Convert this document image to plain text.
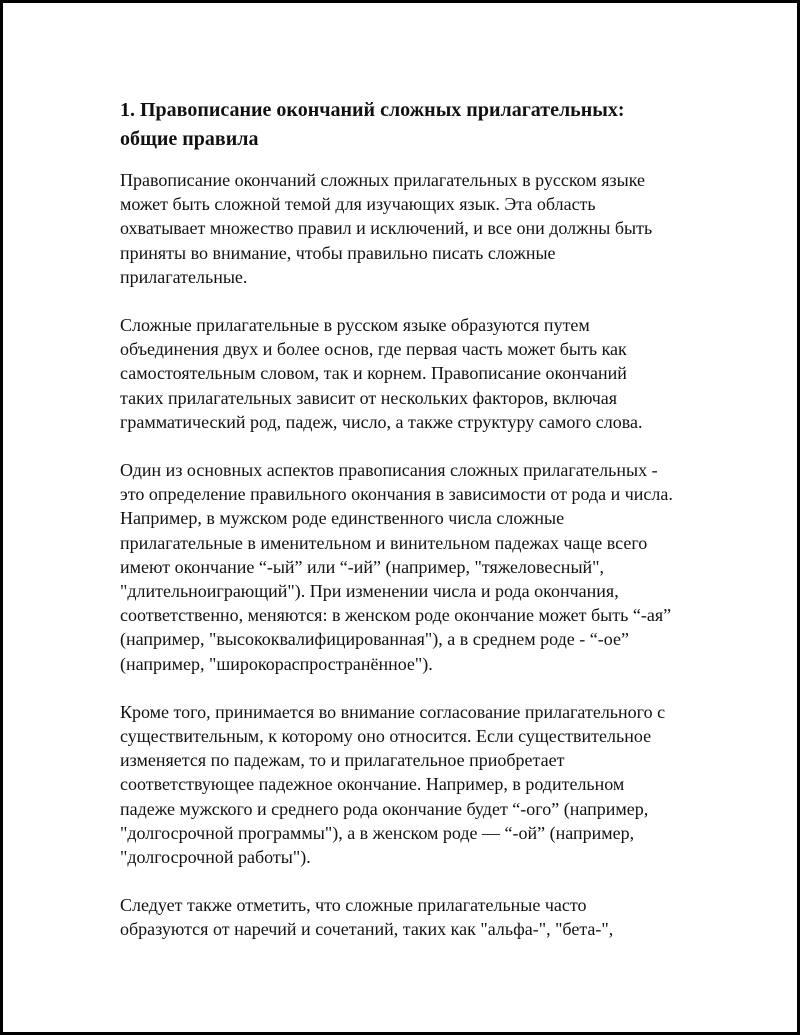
1. Правописание окончаний сложных прилагательных:
общие правила

Правописание окончаний сложных прилагательных в русском языке
может быть сложной темой для изучающих язык. Эта область
охватывает множество правил и исключений, и все они должны быть
приняты во внимание, чтобы правильно писать сложные
прилагательные.

Сложные прилагательные в русском языке образуются путем
объединения двух и более основ, где первая часть может быть как
самостоятельным словом, так и корнем. Правописание окончаний
таких прилагательных зависит от нескольких факторов, включая
грамматический род, падеж, число, а также структуру самого слова.

Один из основных аспектов правописания сложных прилагательных -
это определение правильного окончания в зависимости от рода и числа.
Например, в мужском роде единственного числа сложные
прилагательные в именительном и винительном падежах чаще всего
имеют окончание “-ый” или “-ий” (например, "тяжеловесный",
"длительноиграющий"). При изменении числа и рода окончания,
соответственно, меняются: в женском роде окончание может быть “-ая”
(например, "высококвалифицированная"), а в среднем роде - “-ое”
(например, "широкораспространённое").

Кроме того, принимается во внимание согласование прилагательного с
существительным, к которому оно относится. Если существительное
изменяется по падежам, то и прилагательное приобретает
соответствующее падежное окончание. Например, в родительном
падеже мужского и среднего рода окончание будет “-ого” (например,
"долгосрочной программы"), а в женском роде — “-ой” (например,
"долгосрочной работы").

Следует также отметить, что сложные прилагательные часто
образуются от наречий и сочетаний, таких как "альфа-", "бета-",
